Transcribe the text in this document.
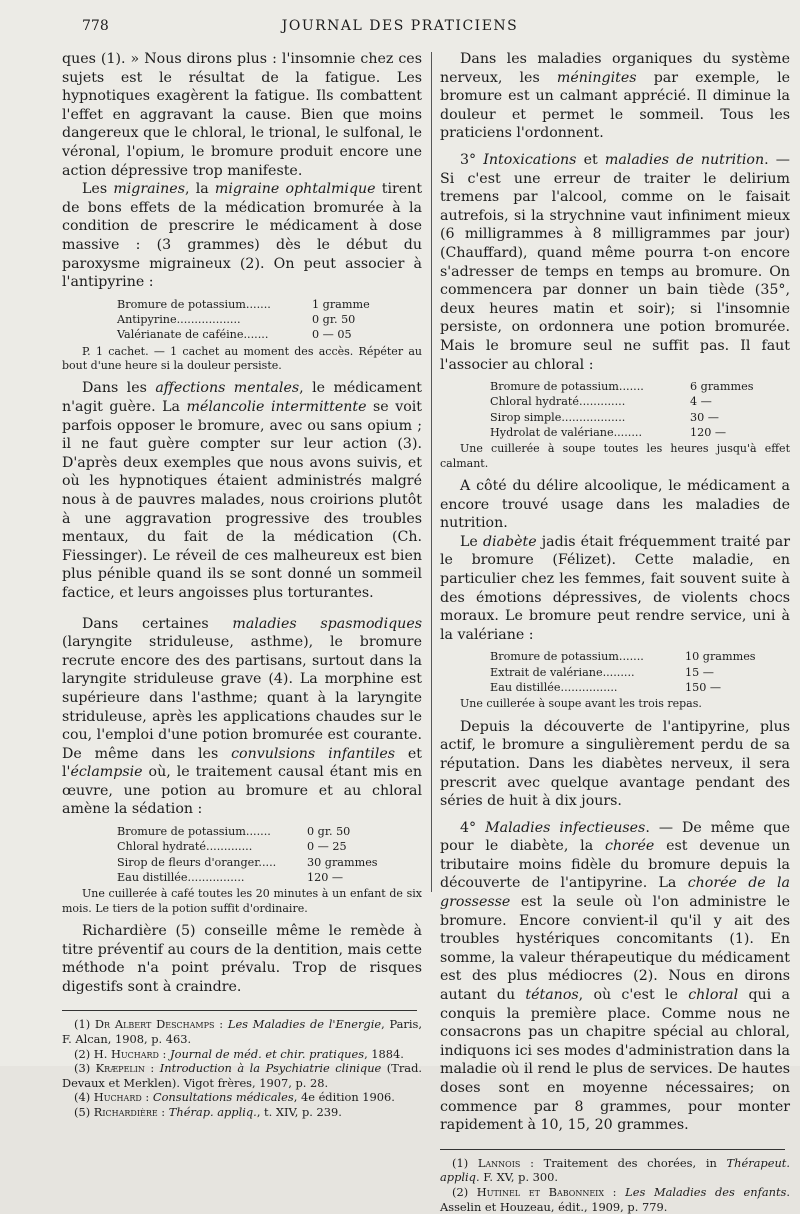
778	JOURNAL DES PRATICIENS

ques (1). » Nous dirons plus : l'insomnie chez ces sujets est le résultat de la fatigue. Les hypnotiques exagèrent la fatigue. Ils combattent l'effet en aggravant la cause. Bien que moins dangereux que le chloral, le trional, le sulfonal, le véronal, l'opium, le bromure produit encore une action dépressive trop manifeste.

Les migraines, la migraine ophtalmique tirent de bons effets de la médication bromurée à la condition de prescrire le médicament à dose massive : (3 grammes) dès le début du paroxysme migraineux (2). On peut associer à l'antipyrine :

Bromure de potassium.......	1 gramme
Antipyrine..................	0 gr. 50
Valérianate de caféine.......	0 — 05
P. 1 cachet. — 1 cachet au moment des accès. Répéter au bout d'une heure si la douleur persiste.

Dans les affections mentales, le médicament n'agit guère. La mélancolie intermittente se voit parfois opposer le bromure, avec ou sans opium ; il ne faut guère compter sur leur action (3). D'après deux exemples que nous avons suivis, et où les hypnotiques étaient administrés malgré nous à de pauvres malades, nous croirions plutôt à une aggravation progressive des troubles mentaux, du fait de la médication (Ch. Fiessinger). Le réveil de ces malheureux est bien plus pénible quand ils se sont donné un sommeil factice, et leurs angoisses plus torturantes.

Dans certaines maladies spasmodiques (laryngite striduleuse, asthme), le bromure recrute encore des des partisans, surtout dans la laryngite striduleuse grave (4). La morphine est supérieure dans l'asthme; quant à la laryngite striduleuse, après les applications chaudes sur le cou, l'emploi d'une potion bromurée est courante. De même dans les convulsions infantiles et l'éclampsie où, le traitement causal étant mis en œuvre, une potion au bromure et au chloral amène la sédation :

Bromure de potassium.......	0 gr. 50
Chloral hydraté.............	0 — 25
Sirop de fleurs d'oranger.....	30 grammes
Eau distillée................	120 —
Une cuillerée à café toutes les 20 minutes à un enfant de six mois. Le tiers de la potion suffit d'ordinaire.

Richardière (5) conseille même le remède à titre préventif au cours de la dentition, mais cette méthode n'a point prévalu. Trop de risques digestifs sont à craindre.

(1) Dr Albert Deschamps : Les Maladies de l'Energie, Paris, F. Alcan, 1908, p. 463.
(2) H. Huchard : Journal de méd. et chir. pratiques, 1884.
(3) Kræpelin : Introduction à la Psychiatrie clinique (Trad. Devaux et Merklen). Vigot frères, 1907, p. 28.
(4) Huchard : Consultations médicales, 4e édition 1906.
(5) Richardière : Thérap. appliq., t. XIV, p. 239.

Dans les maladies organiques du système nerveux, les méningites par exemple, le bromure est un calmant apprécié. Il diminue la douleur et permet le sommeil. Tous les praticiens l'ordonnent.

3° Intoxications et maladies de nutrition. — Si c'est une erreur de traiter le delirium tremens par l'alcool, comme on le faisait autrefois, si la strychnine vaut infiniment mieux (6 milligrammes à 8 milligrammes par jour) (Chauffard), quand même pourra t-on encore s'adresser de temps en temps au bromure. On commencera par donner un bain tiède (35°, deux heures matin et soir); si l'insomnie persiste, on ordonnera une potion bromurée. Mais le bromure seul ne suffit pas. Il faut l'associer au chloral :

Bromure de potassium.......	6 grammes
Chloral hydraté.............	4 —
Sirop simple..................	30 —
Hydrolat de valériane........	120 —
Une cuillerée à soupe toutes les heures jusqu'à effet calmant.

A côté du délire alcoolique, le médicament a encore trouvé usage dans les maladies de nutrition.

Le diabète jadis était fréquemment traité par le bromure (Félizet). Cette maladie, en particulier chez les femmes, fait souvent suite à des émotions dépressives, de violents chocs moraux. Le bromure peut rendre service, uni à la valériane :

Bromure de potassium.......	10 grammes
Extrait de valériane.........	15 —
Eau distillée................	150 —
Une cuillerée à soupe avant les trois repas.

Depuis la découverte de l'antipyrine, plus actif, le bromure a singulièrement perdu de sa réputation. Dans les diabètes nerveux, il sera prescrit avec quelque avantage pendant des séries de huit à dix jours.

4° Maladies infectieuses. — De même que pour le diabète, la chorée est devenue un tributaire moins fidèle du bromure depuis la découverte de l'antipyrine. La chorée de la grossesse est la seule où l'on administre le bromure. Encore convient-il qu'il y ait des troubles hystériques concomitants (1). En somme, la valeur thérapeutique du médicament est des plus médiocres (2). Nous en dirons autant du tétanos, où c'est le chloral qui a conquis la première place. Comme nous ne consacrons pas un chapitre spécial au chloral, indiquons ici ses modes d'administration dans la maladie où il rend le plus de services. De hautes doses sont en moyenne nécessaires; on commence par 8 grammes, pour monter rapidement à 10, 15, 20 grammes.

(1) Lannois : Traitement des chorées, in Thérapeut. appliq. F. XV, p. 300.
(2) Hutinel et Babonneix : Les Maladies des enfants. Asselin et Houzeau, édit., 1909, p. 779.
